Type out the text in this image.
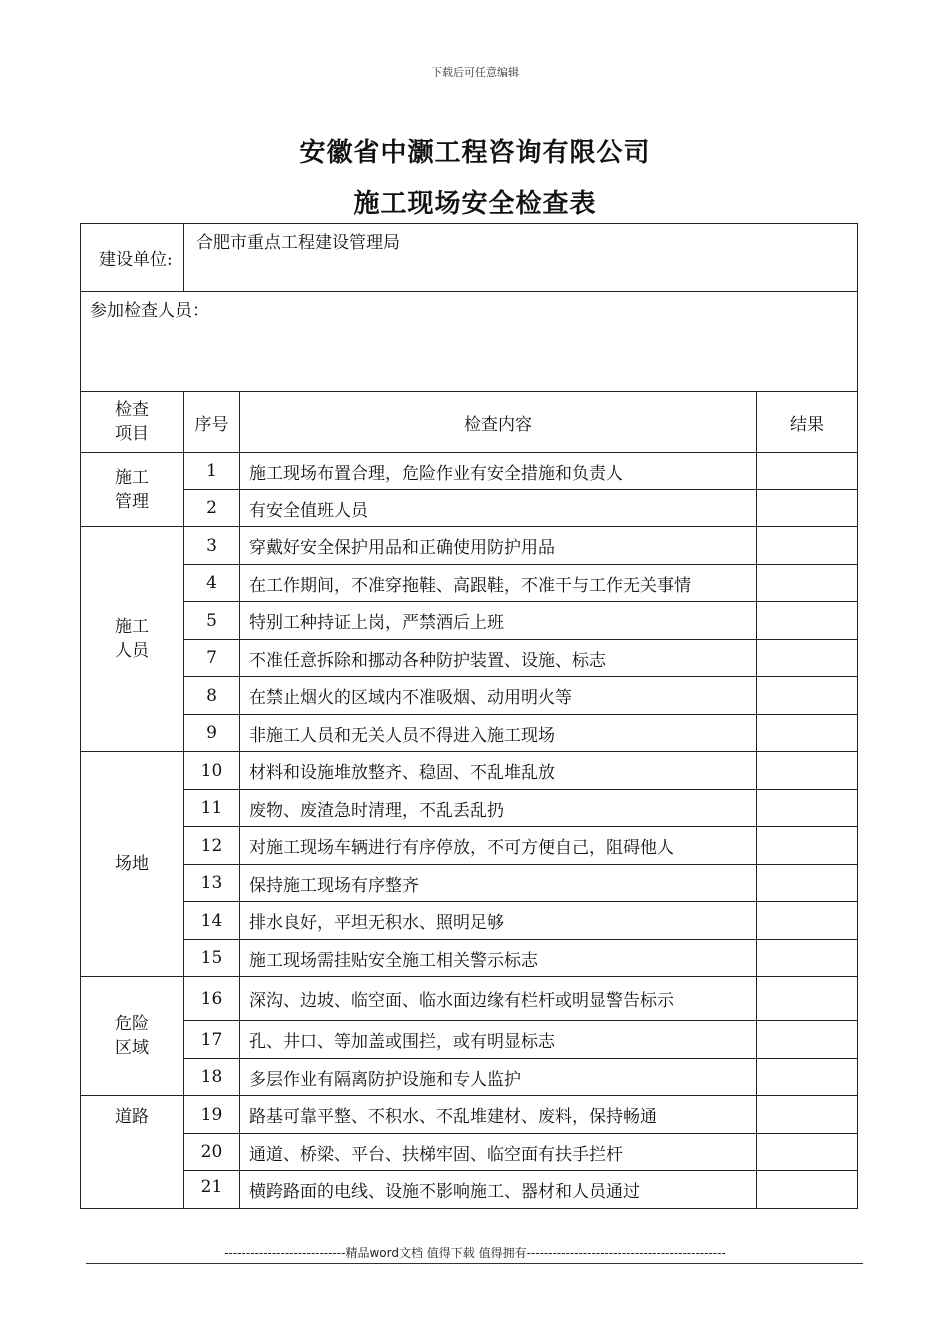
下载后可任意编辑
安徽省中灏工程咨询有限公司
施工现场安全检查表
建设单位:	合肥市重点工程建设管理局		
参加检查人员：			
检查
项目	序号	检查内容	结果
施工
管理	1	施工现场布置合理，危险作业有安全措施和负责人	
	2	有安全值班人员	
施工
人员	3	穿戴好安全保护用品和正确使用防护用品	
	4	在工作期间，不准穿拖鞋、高跟鞋，不准干与工作无关事情	
	5	特别工种持证上岗，严禁酒后上班	
	7	不准任意拆除和挪动各种防护装置、设施、标志	
	8	在禁止烟火的区域内不准吸烟、动用明火等	
	9	非施工人员和无关人员不得进入施工现场	
场地	10	材料和设施堆放整齐、稳固、不乱堆乱放	
	11	废物、废渣急时清理，不乱丢乱扔	
	12	对施工现场车辆进行有序停放，不可方便自己，阻碍他人	
	13	保持施工现场有序整齐	
	14	排水良好，平坦无积水、照明足够	
	15	施工现场需挂贴安全施工相关警示标志	
危险
区域	16	深沟、边坡、临空面、临水面边缘有栏杆或明显警告标示	
	17	孔、井口、等加盖或围拦，或有明显标志	
	18	多层作业有隔离防护设施和专人监护	
道路	19	路基可靠平整、不积水、不乱堆建材、废料，保持畅通	
	20	通道、桥梁、平台、扶梯牢固、临空面有扶手拦杆	
	21	横跨路面的电线、设施不影响施工、器材和人员通过	
----------------------------精品word文档 值得下载 值得拥有----------------------------------------------
